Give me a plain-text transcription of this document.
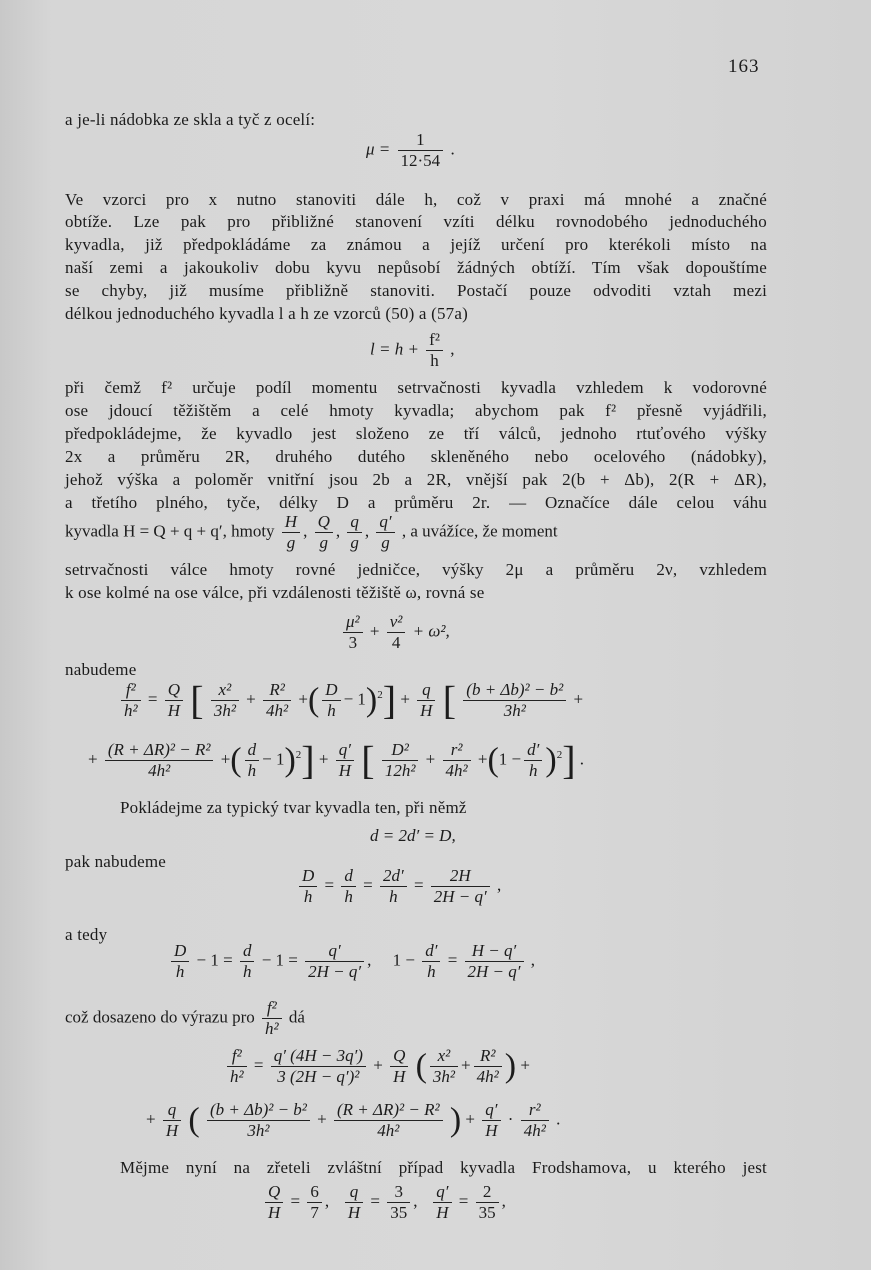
163
a je-li nádobka ze skla a tyč z ocelí:
$\mu = \frac{1}{12\cdot 54}$ .
Ve vzorci pro x nutno stanoviti dále h, což v praxi má mnohé a značné
obtíže. Lze pak pro přibližné stanovení vzíti délku rovnodobého jednoduchého
kyvadla, již předpokládáme za známou a jejíž určení pro kterékoli místo na
naší zemi a jakoukoliv dobu kyvu nepůsobí žádných obtíží. Tím však dopouštíme
se chyby, již musíme přibližně stanoviti. Postačí pouze odvoditi vztah mezi
délkou jednoduchého kyvadla l a h ze vzorců (50) a (57a)
$l = h + \frac{\text{f²}}{h}$ ,
při čemž f² určuje podíl momentu setrvačnosti kyvadla vzhledem k vodorovné
ose jdoucí těžištěm a celé hmoty kyvadla; abychom pak f² přesně vyjádřili,
předpokládejme, že kyvadlo jest složeno ze tří válců, jednoho rtuťového výšky
2x a průměru 2R, druhého dutého skleněného nebo ocelového (nádobky),
jehož výška a poloměr vnitřní jsou 2b a 2R, vnější pak 2(b + Δb), 2(R + ΔR),
a třetího plného, tyče, délky D a průměru 2r. — Označíce dále celou váhu
kyvadla H = Q + q + q′, hmoty $\frac{H}{g}$ , $\frac{Q}{g}$ , $\frac{q}{g}$ , $\frac{q'}{g}$ , a uvážíce, že moment
setrvačnosti válce hmoty rovné jedničce, výšky 2μ a průměru 2ν, vzhledem
k ose kolmé na ose válce, při vzdálenosti těžiště ω, rovná se
$\frac{\text{μ²}}{3} + \frac{\text{ν²}}{4} + \omega^2$,
nabudeme
$\frac{\text{f²}}{\text{h²}} = \frac{Q}{H}$ [ $\frac{\text{x²}}{\text{3h²}} + \frac{\text{R²}}{\text{4h²}}$ +( $\frac{D}{h} - 1)^2] + \frac{q}{H}$ [ $\frac{\text{(b + Δb)² − b²}}{\text{3h²}}$ +
+ $\frac{\text{(R + ΔR)² − R²}}{\text{4h²}}$ +( $\frac{d}{h} - 1)^2] + \frac{q'}{H}$ [ $\frac{\text{D²}}{\text{12h²}} + \frac{\text{r²}}{\text{4h²}} +(1 - \frac{d'}{h} )^2$] .
Pokládejme za typický tvar kyvadla ten, při němž
d = 2d′ = D,
pak nabudeme
$\frac{D}{h} = \frac{d}{h} = \frac{2d'}{h} = \frac{2H}{2H - q'}$ ,
a tedy
$\frac{D}{h} - 1 = \frac{d}{h} - 1 = \frac{q'}{2H - q'}$ , $1 - \frac{d'}{h} = \frac{H - q'}{2H - q'}$ ,
což dosazeno do výrazu pro $\frac{\text{f²}}{\text{h²}}$ dá
$\frac{\text{f²}}{\text{h²}} = \frac{q' (4H - 3q')}{\text{3 (2H − q′)²}} + \frac{Q}{H}$ ( $\frac{\text{x²}}{\text{3h²}} + \frac{\text{R²}}{\text{4h²}}$ ) +
+ $\frac{q}{H}$ ( $\frac{\text{(b + Δb)² − b²}}{\text{3h²}} + \frac{\text{(R + ΔR)² − R²}}{\text{4h²}}$ ) + $\frac{q'}{H} \cdot \frac{\text{r²}}{\text{4h²}}$ .
Mějme nyní na zřeteli zvláštní případ kyvadla Frodshamova, u kterého jest
$\frac{Q}{H} = \frac{6}{7}$ , $\frac{q}{H} = \frac{3}{35}$ , $\frac{q'}{H} = \frac{2}{35}$ ,
